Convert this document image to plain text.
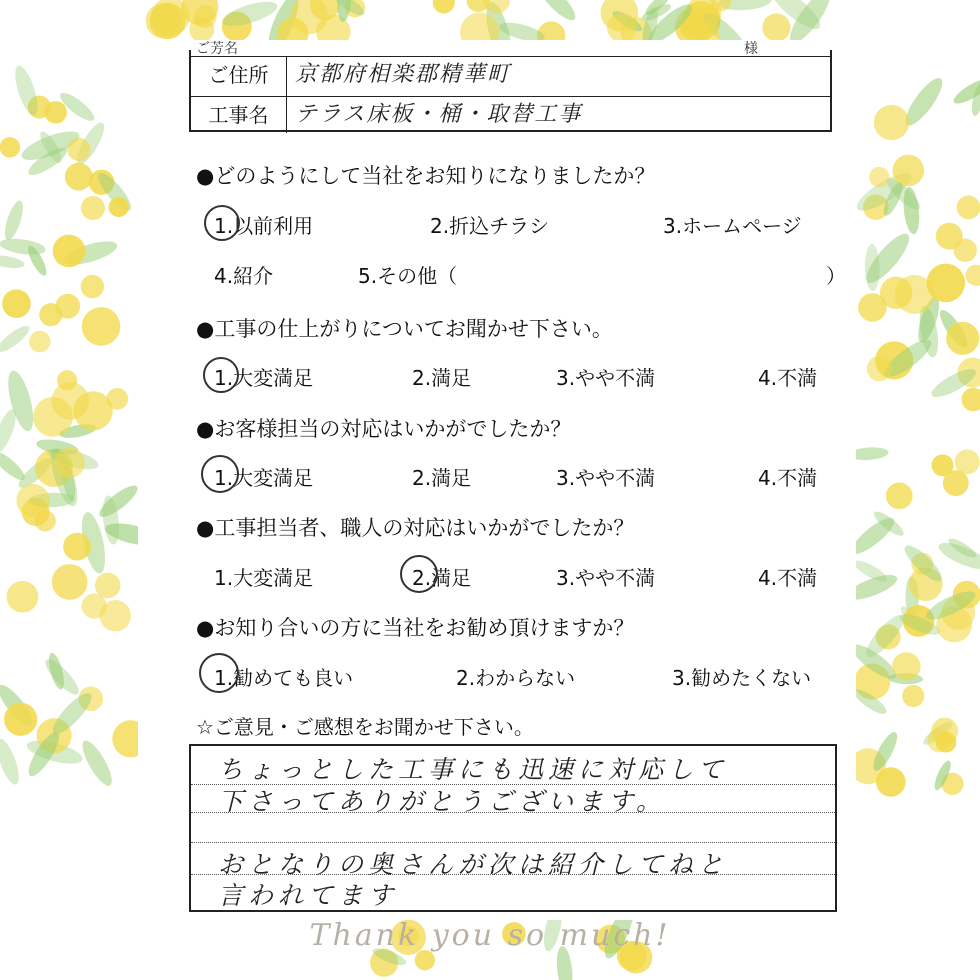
ご芳名	様
ご住所	京都府相楽郡精華町
工事名	テラス床板・桶・取替工事
●どのようにして当社をお知りになりましたか？
1.以前利用	2.折込チラシ	3.ホームページ
4.紹介	5.その他（	）
●工事の仕上がりについてお聞かせ下さい。
1.大変満足	2.満足	3.やや不満	4.不満
●お客様担当の対応はいかがでしたか？
1.大変満足	2.満足	3.やや不満	4.不満
●工事担当者、職人の対応はいかがでしたか？
1.大変満足	2.満足	3.やや不満	4.不満
●お知り合いの方に当社をお勧め頂けますか？
1.勧めても良い	2.わからない	3.勧めたくない
☆ご意見・ご感想をお聞かせ下さい。
ちょっとした工事にも迅速に対応して
下さってありがとうございます。
おとなりの奥さんが次は紹介してねと
言われてます
Thank you so much!
